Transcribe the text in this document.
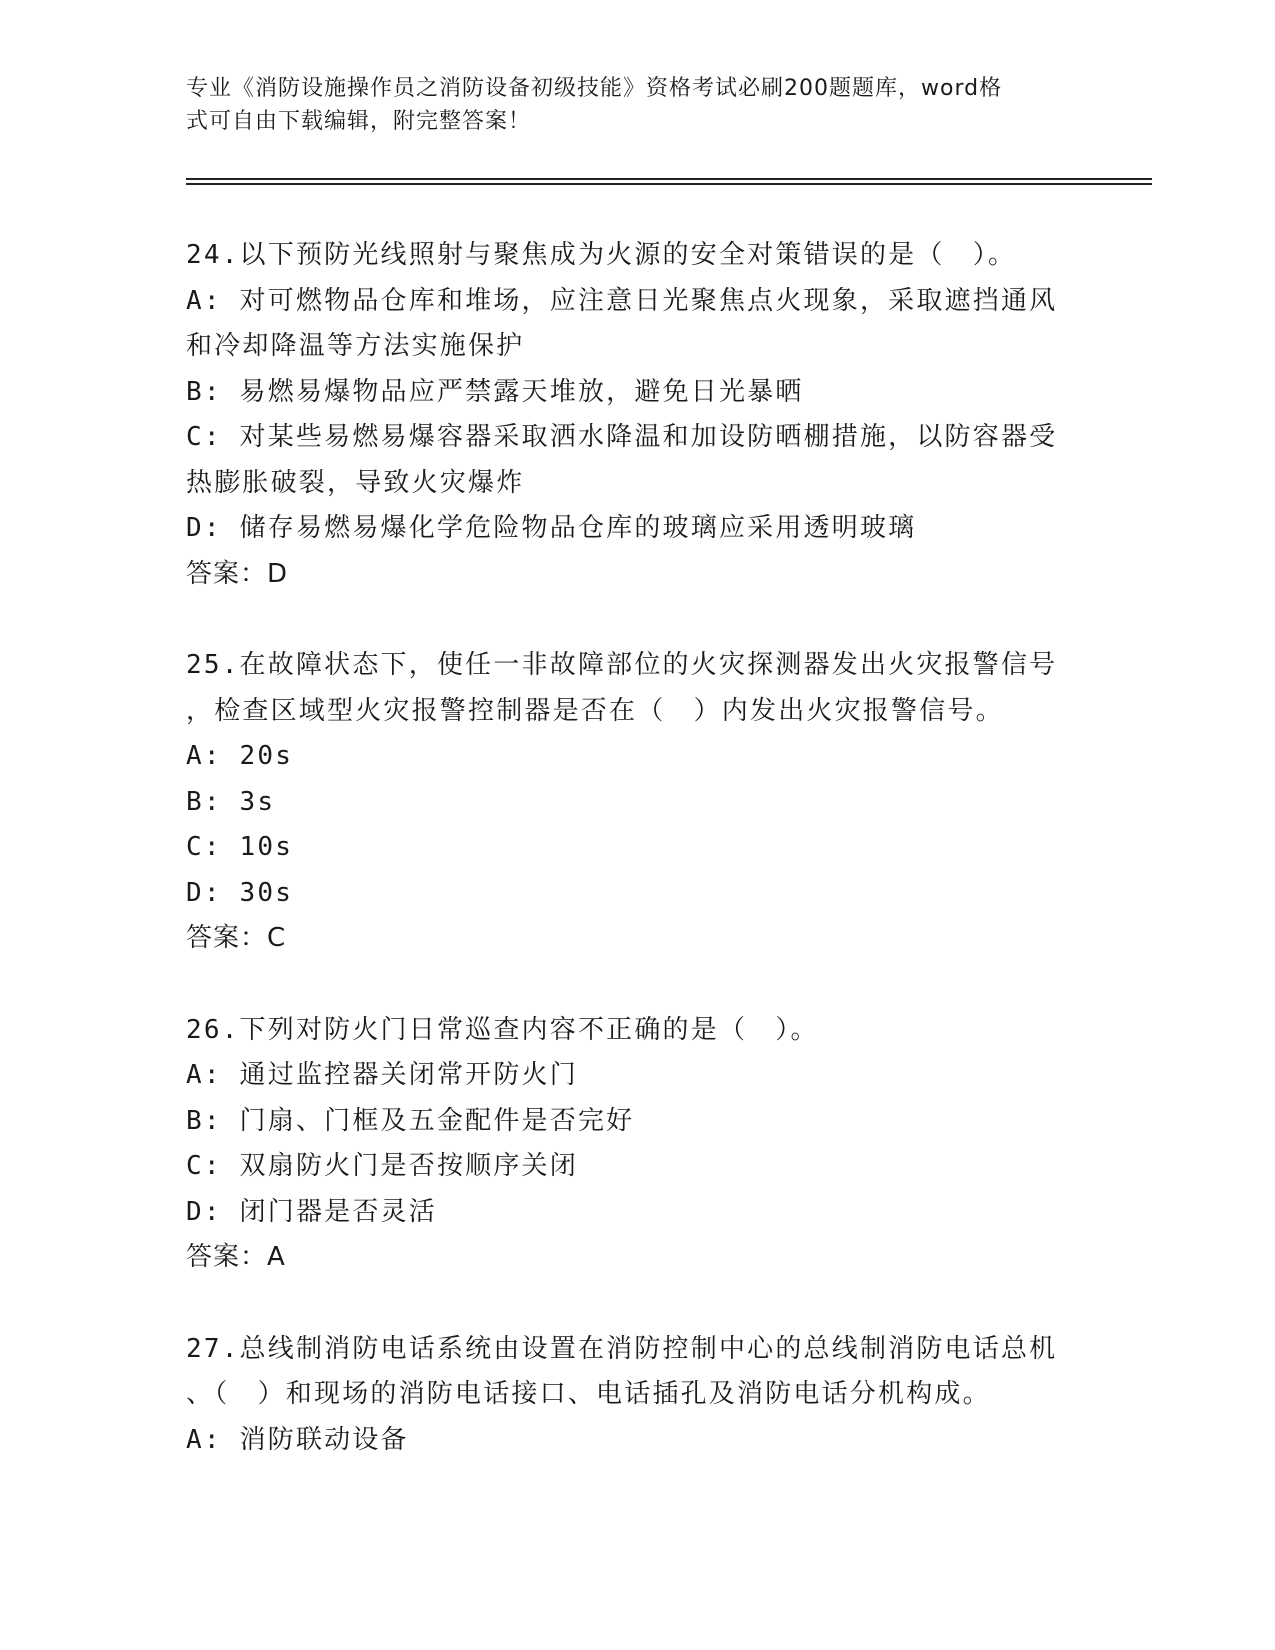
专业《消防设施操作员之消防设备初级技能》资格考试必刷200题题库，word格
式可自由下载编辑，附完整答案！
24.以下预防光线照射与聚焦成为火源的安全对策错误的是（　）。
A: 对可燃物品仓库和堆场，应注意日光聚焦点火现象，采取遮挡通风
和冷却降温等方法实施保护
B: 易燃易爆物品应严禁露天堆放，避免日光暴晒
C: 对某些易燃易爆容器采取洒水降温和加设防晒棚措施，以防容器受
热膨胀破裂，导致火灾爆炸
D: 储存易燃易爆化学危险物品仓库的玻璃应采用透明玻璃
答案：D
25.在故障状态下，使任一非故障部位的火灾探测器发出火灾报警信号
，检查区域型火灾报警控制器是否在（　）内发出火灾报警信号。
A: 20s
B: 3s
C: 10s
D: 30s
答案：C
26.下列对防火门日常巡查内容不正确的是（　）。
A: 通过监控器关闭常开防火门
B: 门扇、门框及五金配件是否完好
C: 双扇防火门是否按顺序关闭
D: 闭门器是否灵活
答案：A
27.总线制消防电话系统由设置在消防控制中心的总线制消防电话总机
、（　）和现场的消防电话接口、电话插孔及消防电话分机构成。
A: 消防联动设备
